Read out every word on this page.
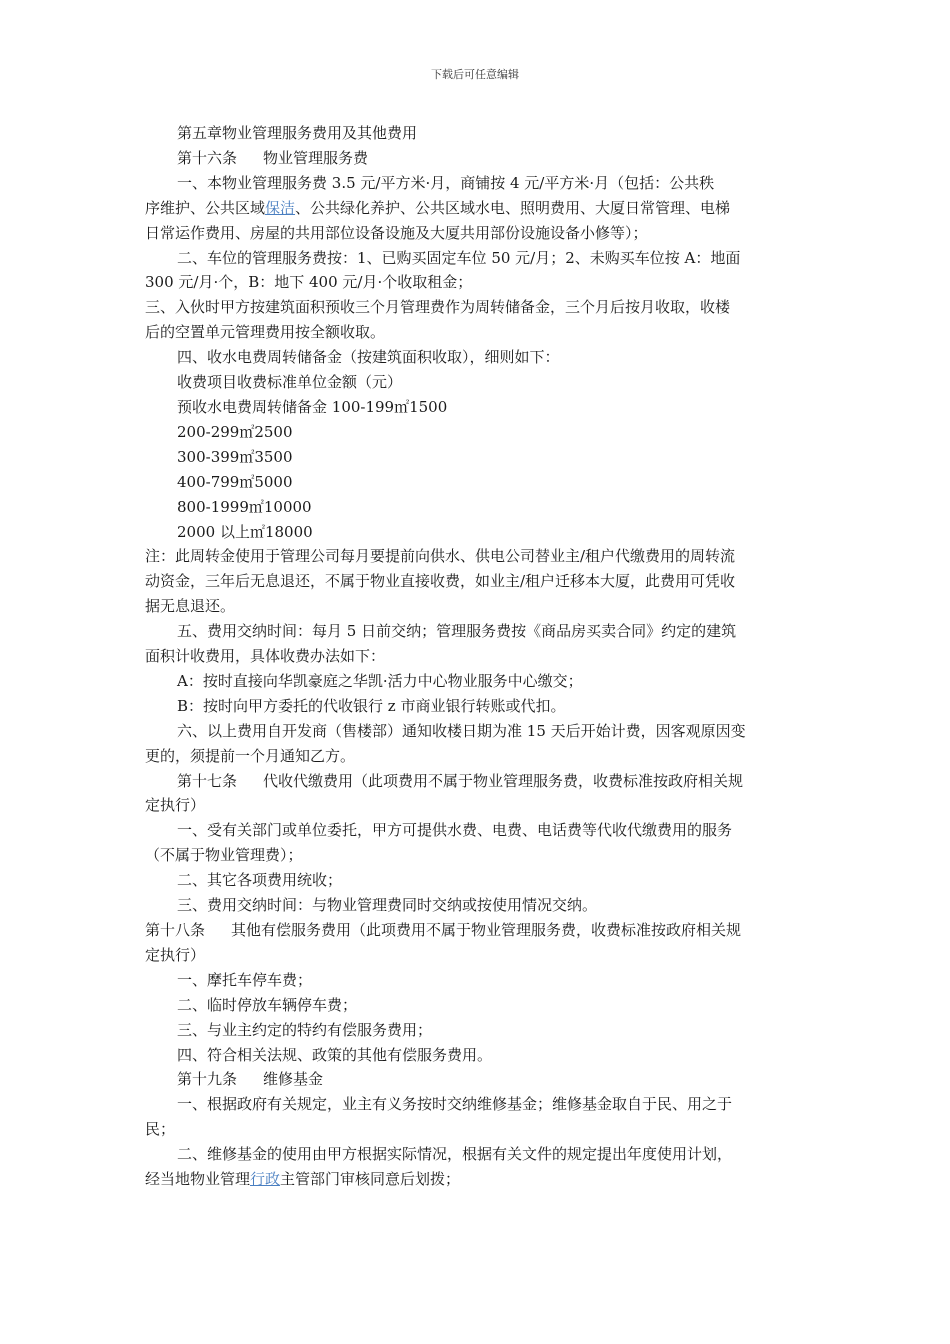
下载后可任意编辑
第五章物业管理服务费用及其他费用
第十六条 物业管理服务费
一、本物业管理服务费 3.5 元/平方米·月，商铺按 4 元/平方米·月（包括：公共秩
序维护、公共区域保洁、公共绿化养护、公共区域水电、照明费用、大厦日常管理、电梯
日常运作费用、房屋的共用部位设备设施及大厦共用部份设施设备小修等）；
二、车位的管理服务费按：1、已购买固定车位 50 元/月；2、未购买车位按 A：地面
300 元/月·个，B：地下 400 元/月·个收取租金；
三、入伙时甲方按建筑面积预收三个月管理费作为周转储备金，三个月后按月收取，收楼
后的空置单元管理费用按全额收取。
四、收水电费周转储备金（按建筑面积收取），细则如下：
收费项目收费标准单位金额（元）
预收水电费周转储备金 100-199㎡1500
200-299㎡2500
300-399㎡3500
400-799㎡5000
800-1999㎡10000
2000 以上㎡18000
注：此周转金使用于管理公司每月要提前向供水、供电公司替业主/租户代缴费用的周转流
动资金，三年后无息退还，不属于物业直接收费，如业主/租户迁移本大厦，此费用可凭收
据无息退还。
五、费用交纳时间：每月 5 日前交纳；管理服务费按《商品房买卖合同》约定的建筑
面积计收费用，具体收费办法如下：
A：按时直接向华凯豪庭之华凯·活力中心物业服务中心缴交；
B：按时向甲方委托的代收银行 z 市商业银行转账或代扣。
六、以上费用自开发商（售楼部）通知收楼日期为准 15 天后开始计费，因客观原因变
更的，须提前一个月通知乙方。
第十七条 代收代缴费用（此项费用不属于物业管理服务费，收费标准按政府相关规
定执行）
一、受有关部门或单位委托，甲方可提供水费、电费、电话费等代收代缴费用的服务
（不属于物业管理费）；
二、其它各项费用统收；
三、费用交纳时间：与物业管理费同时交纳或按使用情况交纳。
第十八条 其他有偿服务费用（此项费用不属于物业管理服务费，收费标准按政府相关规
定执行）
一、摩托车停车费；
二、临时停放车辆停车费；
三、与业主约定的特约有偿服务费用；
四、符合相关法规、政策的其他有偿服务费用。
第十九条 维修基金
一、根据政府有关规定，业主有义务按时交纳维修基金；维修基金取自于民、用之于
民；
二、维修基金的使用由甲方根据实际情况，根据有关文件的规定提出年度使用计划，
经当地物业管理行政主管部门审核同意后划拨；
